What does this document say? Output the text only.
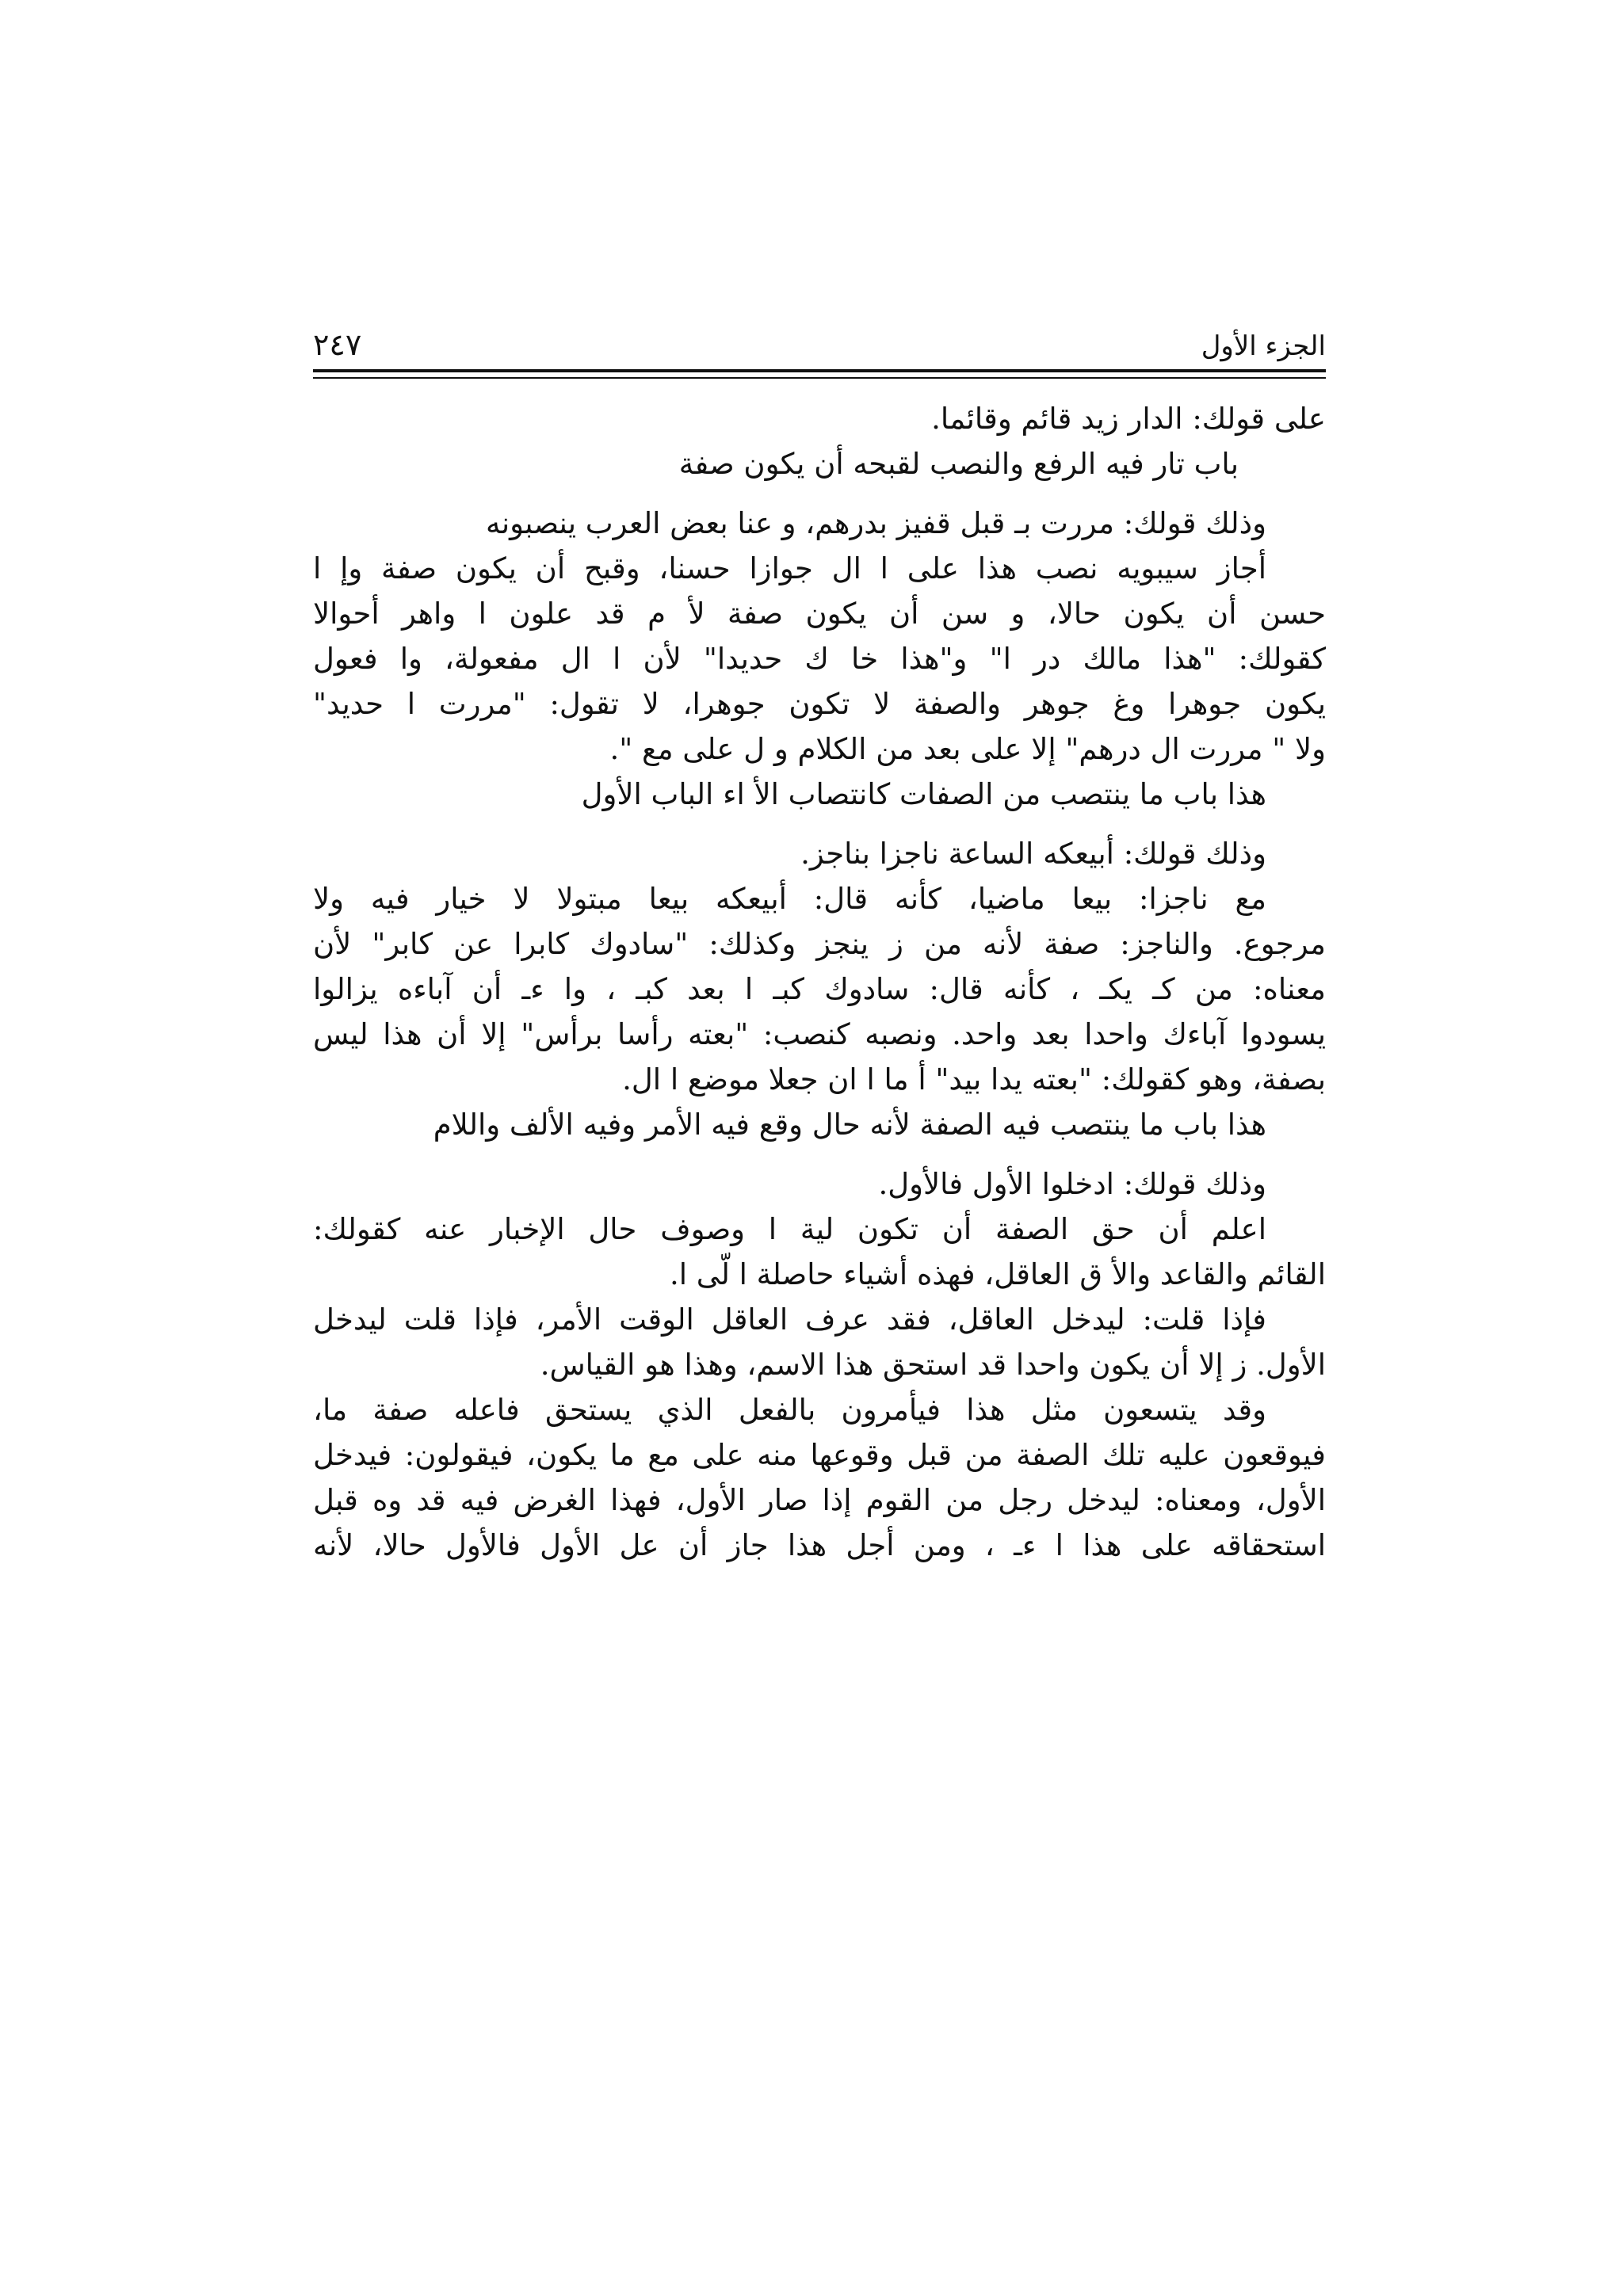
الجزء الأول
٢٤٧
على قولك: الدار زيد قائم وقائما.
باب تار فيه الرفع والنصب لقبحه أن يكون صفة
وذلك قولك: مررت بـ قبل قفيز بدرهم، و عنا بعض العرب ينصبونه
أجاز سيبويه نصب هذا على ا ال جوازا حسنا، وقبح أن يكون صفة وإ ا
حسن أن يكون حالا، و سن أن يكون صفة لأ م قد علون ا واهر أحوالا
كقولك: "هذا مالك در ا" و"هذا خا ك حديدا" لأن ا ال مفعولة، وا فعول
يكون جوهرا وغ جوهر والصفة لا تكون جوهرا، لا تقول: "مررت ا حديد"
ولا " مررت ال درهم" إلا على بعد من الكلام و ل على مع ".
هذا باب ما ينتصب من الصفات كانتصاب الأ اء الباب الأول
وذلك قولك: أبيعكه الساعة ناجزا بناجز.
مع ناجزا: بيعا ماضيا، كأنه قال: أبيعكه بيعا مبتولا لا خيار فيه ولا
مرجوع. والناجز: صفة لأنه من ز ينجز وكذلك: "سادوك كابرا عن كابر" لأن
معناه: من كـ يكـ ، كأنه قال: سادوك كبـ ا بعد كبـ ، وا ءـ أن آباءه يزالوا
يسودوا آباءك واحدا بعد واحد. ونصبه كنصب: "بعته رأسا برأس" إلا أن هذا ليس
بصفة، وهو كقولك: "بعته يدا بيد" أ ما ا ان جعلا موضع ا ال.
هذا باب ما ينتصب فيه الصفة لأنه حال وقع فيه الأمر وفيه الألف واللام
وذلك قولك: ادخلوا الأول فالأول.
اعلم أن حق الصفة أن تكون لية ا وصوف حال الإخبار عنه كقولك:
القائم والقاعد والأ ق العاقل، فهذه أشياء حاصلة ا لَّى ا.
فإذا قلت: ليدخل العاقل، فقد عرف العاقل الوقت الأمر، فإذا قلت ليدخل
الأول. ز إلا أن يكون واحدا قد استحق هذا الاسم، وهذا هو القياس.
وقد يتسعون مثل هذا فيأمرون بالفعل الذي يستحق فاعله صفة ما،
فيوقعون عليه تلك الصفة من قبل وقوعها منه على مع ما يكون، فيقولون: فيدخل
الأول، ومعناه: ليدخل رجل من القوم إذا صار الأول، فهذا الغرض فيه قد وه قبل
استحقاقه على هذا ا ءـ ، ومن أجل هذا جاز أن عل الأول فالأول حالا، لأنه
